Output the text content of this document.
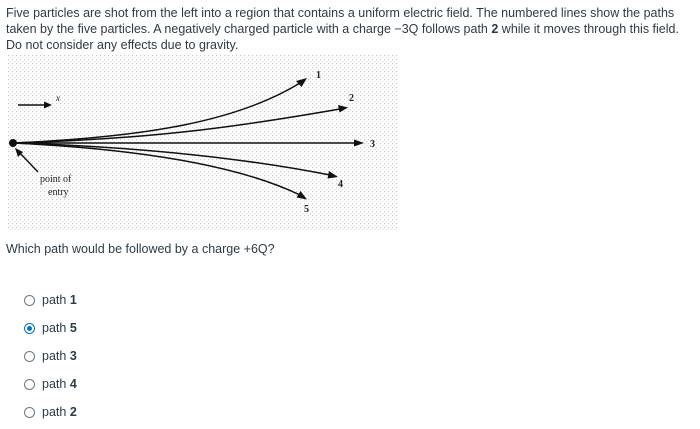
Five particles are shot from the left into a region that contains a uniform electric field. The numbered lines show the paths taken by the five particles. A negatively charged particle with a charge −3Q follows path 2 while it moves through this field. Do not consider any effects due to gravity.

x
1
2
3
4
5
point of
entry

Which path would be followed by a charge +6Q?

path 1
path 5
path 3
path 4
path 2
